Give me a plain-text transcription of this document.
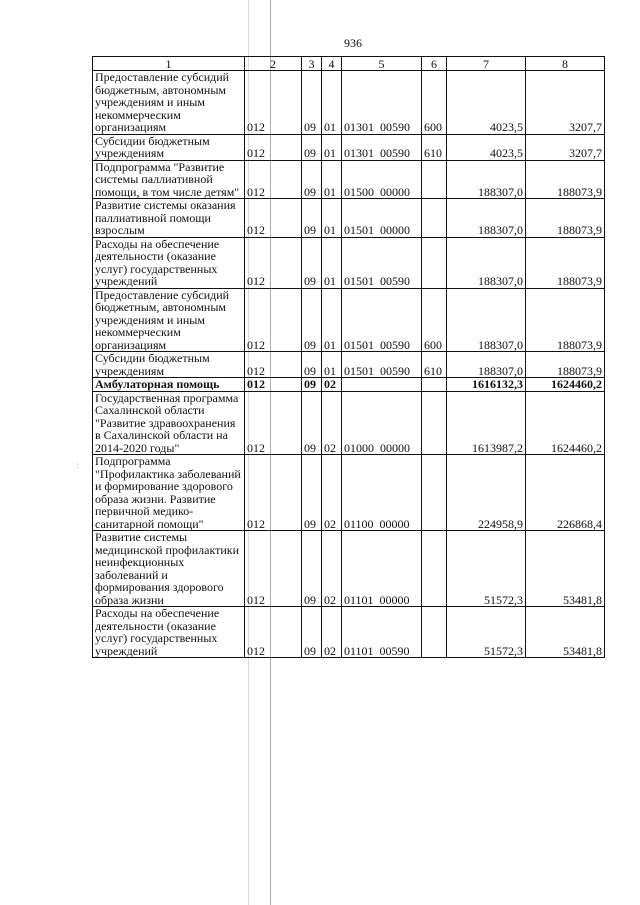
936
:
1	2	3	4	5	6	7	8
Предоставление субсидий бюджетным, автономным учреждениям и иным некоммерческим организациям	012	09	01	01301  00590	600	4023,5	3207,7
Субсидии бюджетным учреждениям	012	09	01	01301  00590	610	4023,5	3207,7
Подпрограмма "Развитие системы паллиативной помощи, в том числе детям"	012	09	01	01500  00000		188307,0	188073,9
Развитие системы оказания паллиативной помощи взрослым	012	09	01	01501  00000		188307,0	188073,9
Расходы на обеспечение деятельности (оказание услуг) государственных учреждений	012	09	01	01501  00590		188307,0	188073,9
Предоставление субсидий бюджетным, автономным учреждениям и иным некоммерческим организациям	012	09	01	01501  00590	600	188307,0	188073,9
Субсидии бюджетным учреждениям	012	09	01	01501  00590	610	188307,0	188073,9
Амбулаторная помощь	012	09	02			1616132,3	1624460,2
Государственная программа Сахалинской области "Развитие здравоохранения в Сахалинской области на 2014-2020 годы"	012	09	02	01000  00000		1613987,2	1624460,2
Подпрограмма "Профилактика заболеваний и формирование здорового образа жизни. Развитие первичной медико-санитарной помощи"	012	09	02	01100  00000		224958,9	226868,4
Развитие системы медицинской профилактики неинфекционных заболеваний и формирования здорового образа жизни	012	09	02	01101  00000		51572,3	53481,8
Расходы на обеспечение деятельности (оказание услуг) государственных учреждений	012	09	02	01101  00590		51572,3	53481,8
